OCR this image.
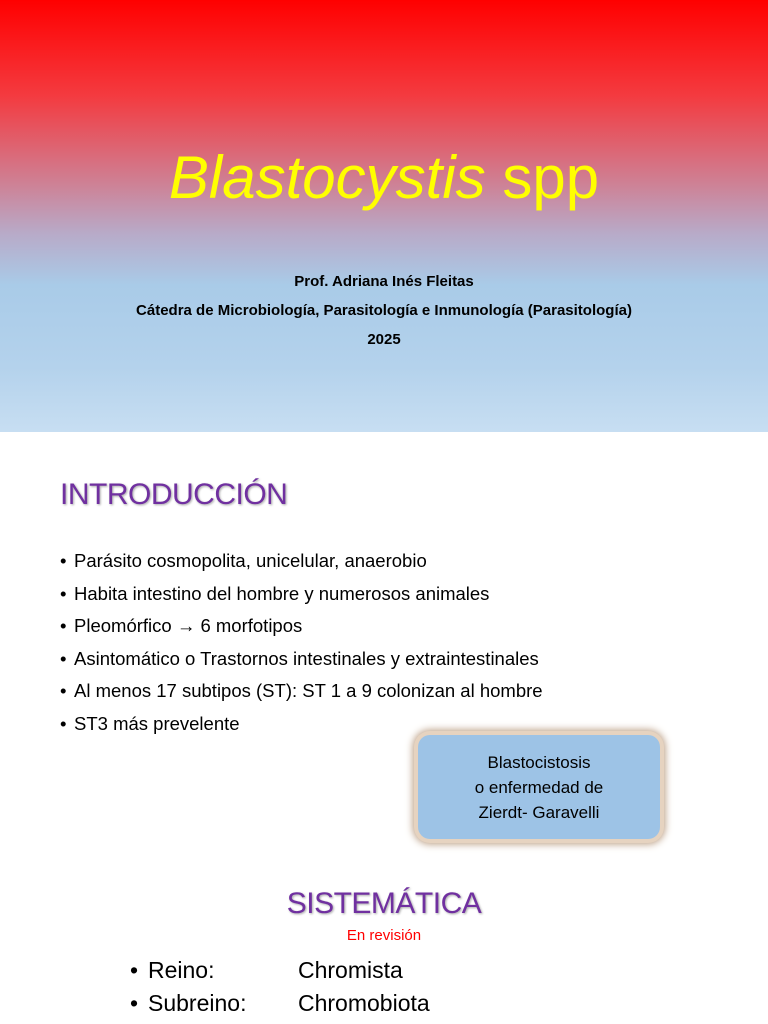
Blastocystis spp
Prof. Adriana Inés Fleitas
Cátedra de Microbiología, Parasitología e Inmunología (Parasitología)
2025
INTRODUCCIÓN
• Parásito cosmopolita, unicelular, anaerobio
• Habita intestino del hombre y numerosos animales
• Pleomórfico → 6 morfotipos
• Asintomático o Trastornos intestinales y extraintestinales
• Al menos 17 subtipos (ST): ST 1 a 9 colonizan al hombre
• ST3 más prevelente
Blastocistosis
o enfermedad de
Zierdt- Garavelli
SISTEMÁTICA
En revisión
• Reino:	Chromista
• Subreino: Chromobiota
